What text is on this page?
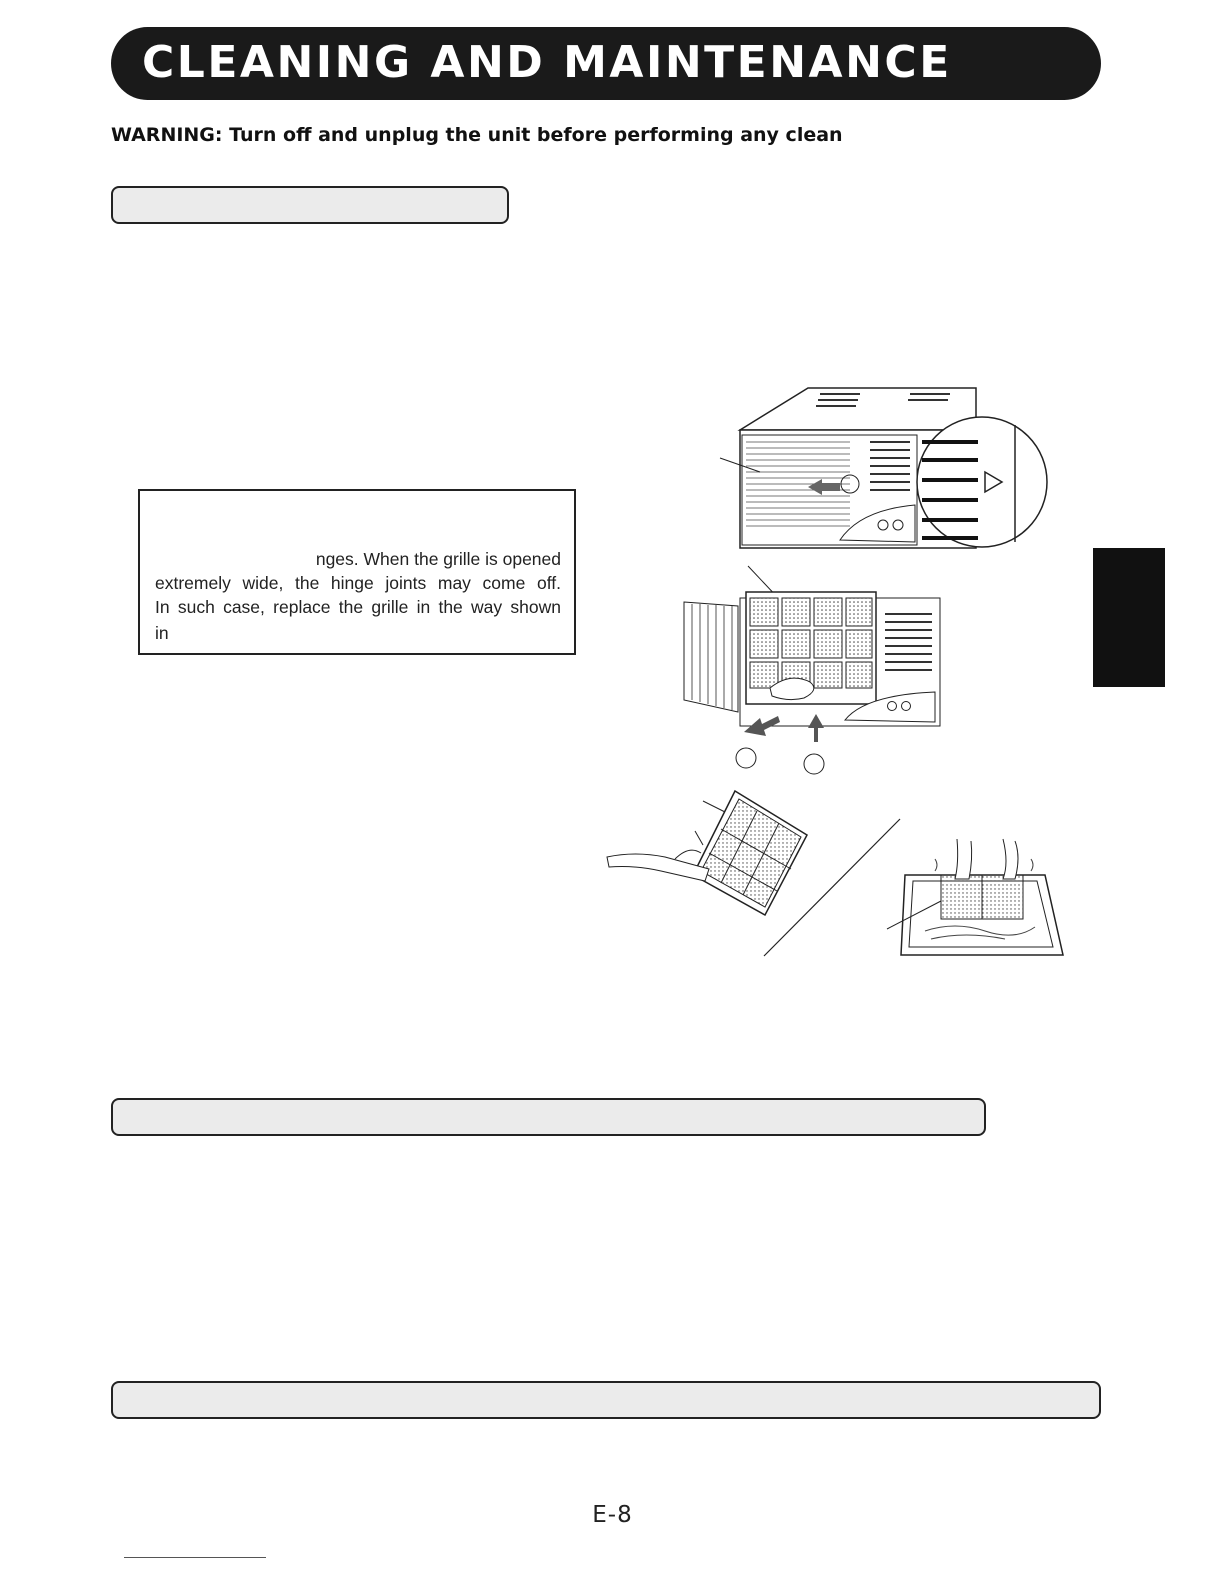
CLEANING AND MAINTENANCE
WARNING: Turn off and unplug the unit before performing any clean
nges. When the grille is opened
extremely wide, the hinge joints may come off.
In such case, replace the grille in the way shown
in
E-8
